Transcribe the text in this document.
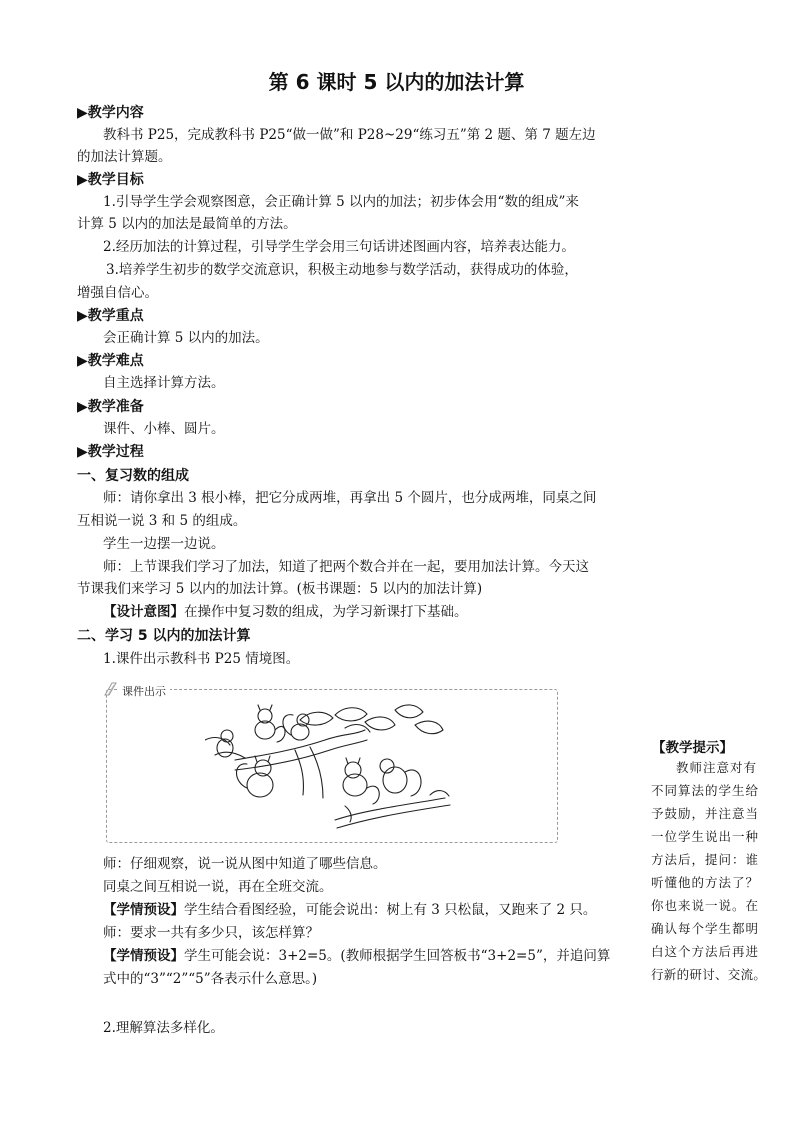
第 6 课时 5 以内的加法计算
▶教学内容
教科书 P25，完成教科书 P25“做一做”和 P28~29“练习五”第 2 题、第 7 题左边
的加法计算题。
▶教学目标
1.引导学生学会观察图意，会正确计算 5 以内的加法；初步体会用“数的组成”来
计算 5 以内的加法是最简单的方法。
2.经历加法的计算过程，引导学生学会用三句话讲述图画内容，培养表达能力。
3.培养学生初步的数学交流意识，积极主动地参与数学活动，获得成功的体验，
增强自信心。
▶教学重点
会正确计算 5 以内的加法。
▶教学难点
自主选择计算方法。
▶教学准备
课件、小棒、圆片。
▶教学过程
一、复习数的组成
师：请你拿出 3 根小棒，把它分成两堆，再拿出 5 个圆片，也分成两堆，同桌之间
互相说一说 3 和 5 的组成。
学生一边摆一边说。
师：上节课我们学习了加法，知道了把两个数合并在一起，要用加法计算。今天这
节课我们来学习 5 以内的加法计算。(板书课题：5 以内的加法计算)
【设计意图】在操作中复习数的组成，为学习新课打下基础。
二、学习 5 以内的加法计算
1.课件出示教科书 P25 情境图。
课件出示
师：仔细观察，说一说从图中知道了哪些信息。
同桌之间互相说一说，再在全班交流。
【学情预设】学生结合看图经验，可能会说出：树上有 3 只松鼠，又跑来了 2 只。
师：要求一共有多少只，该怎样算？
【学情预设】学生可能会说：3+2=5。(教师根据学生回答板书“3+2=5”，并追问算
式中的“3”“2”“5”各表示什么意思。)
2.理解算法多样化。
【教学提示】
教师注意对有
不同算法的学生给
予鼓励，并注意当
一位学生说出一种
方法后，提问：谁
听懂他的方法了？
你也来说一说。在
确认每个学生都明
白这个方法后再进
行新的研讨、交流。
